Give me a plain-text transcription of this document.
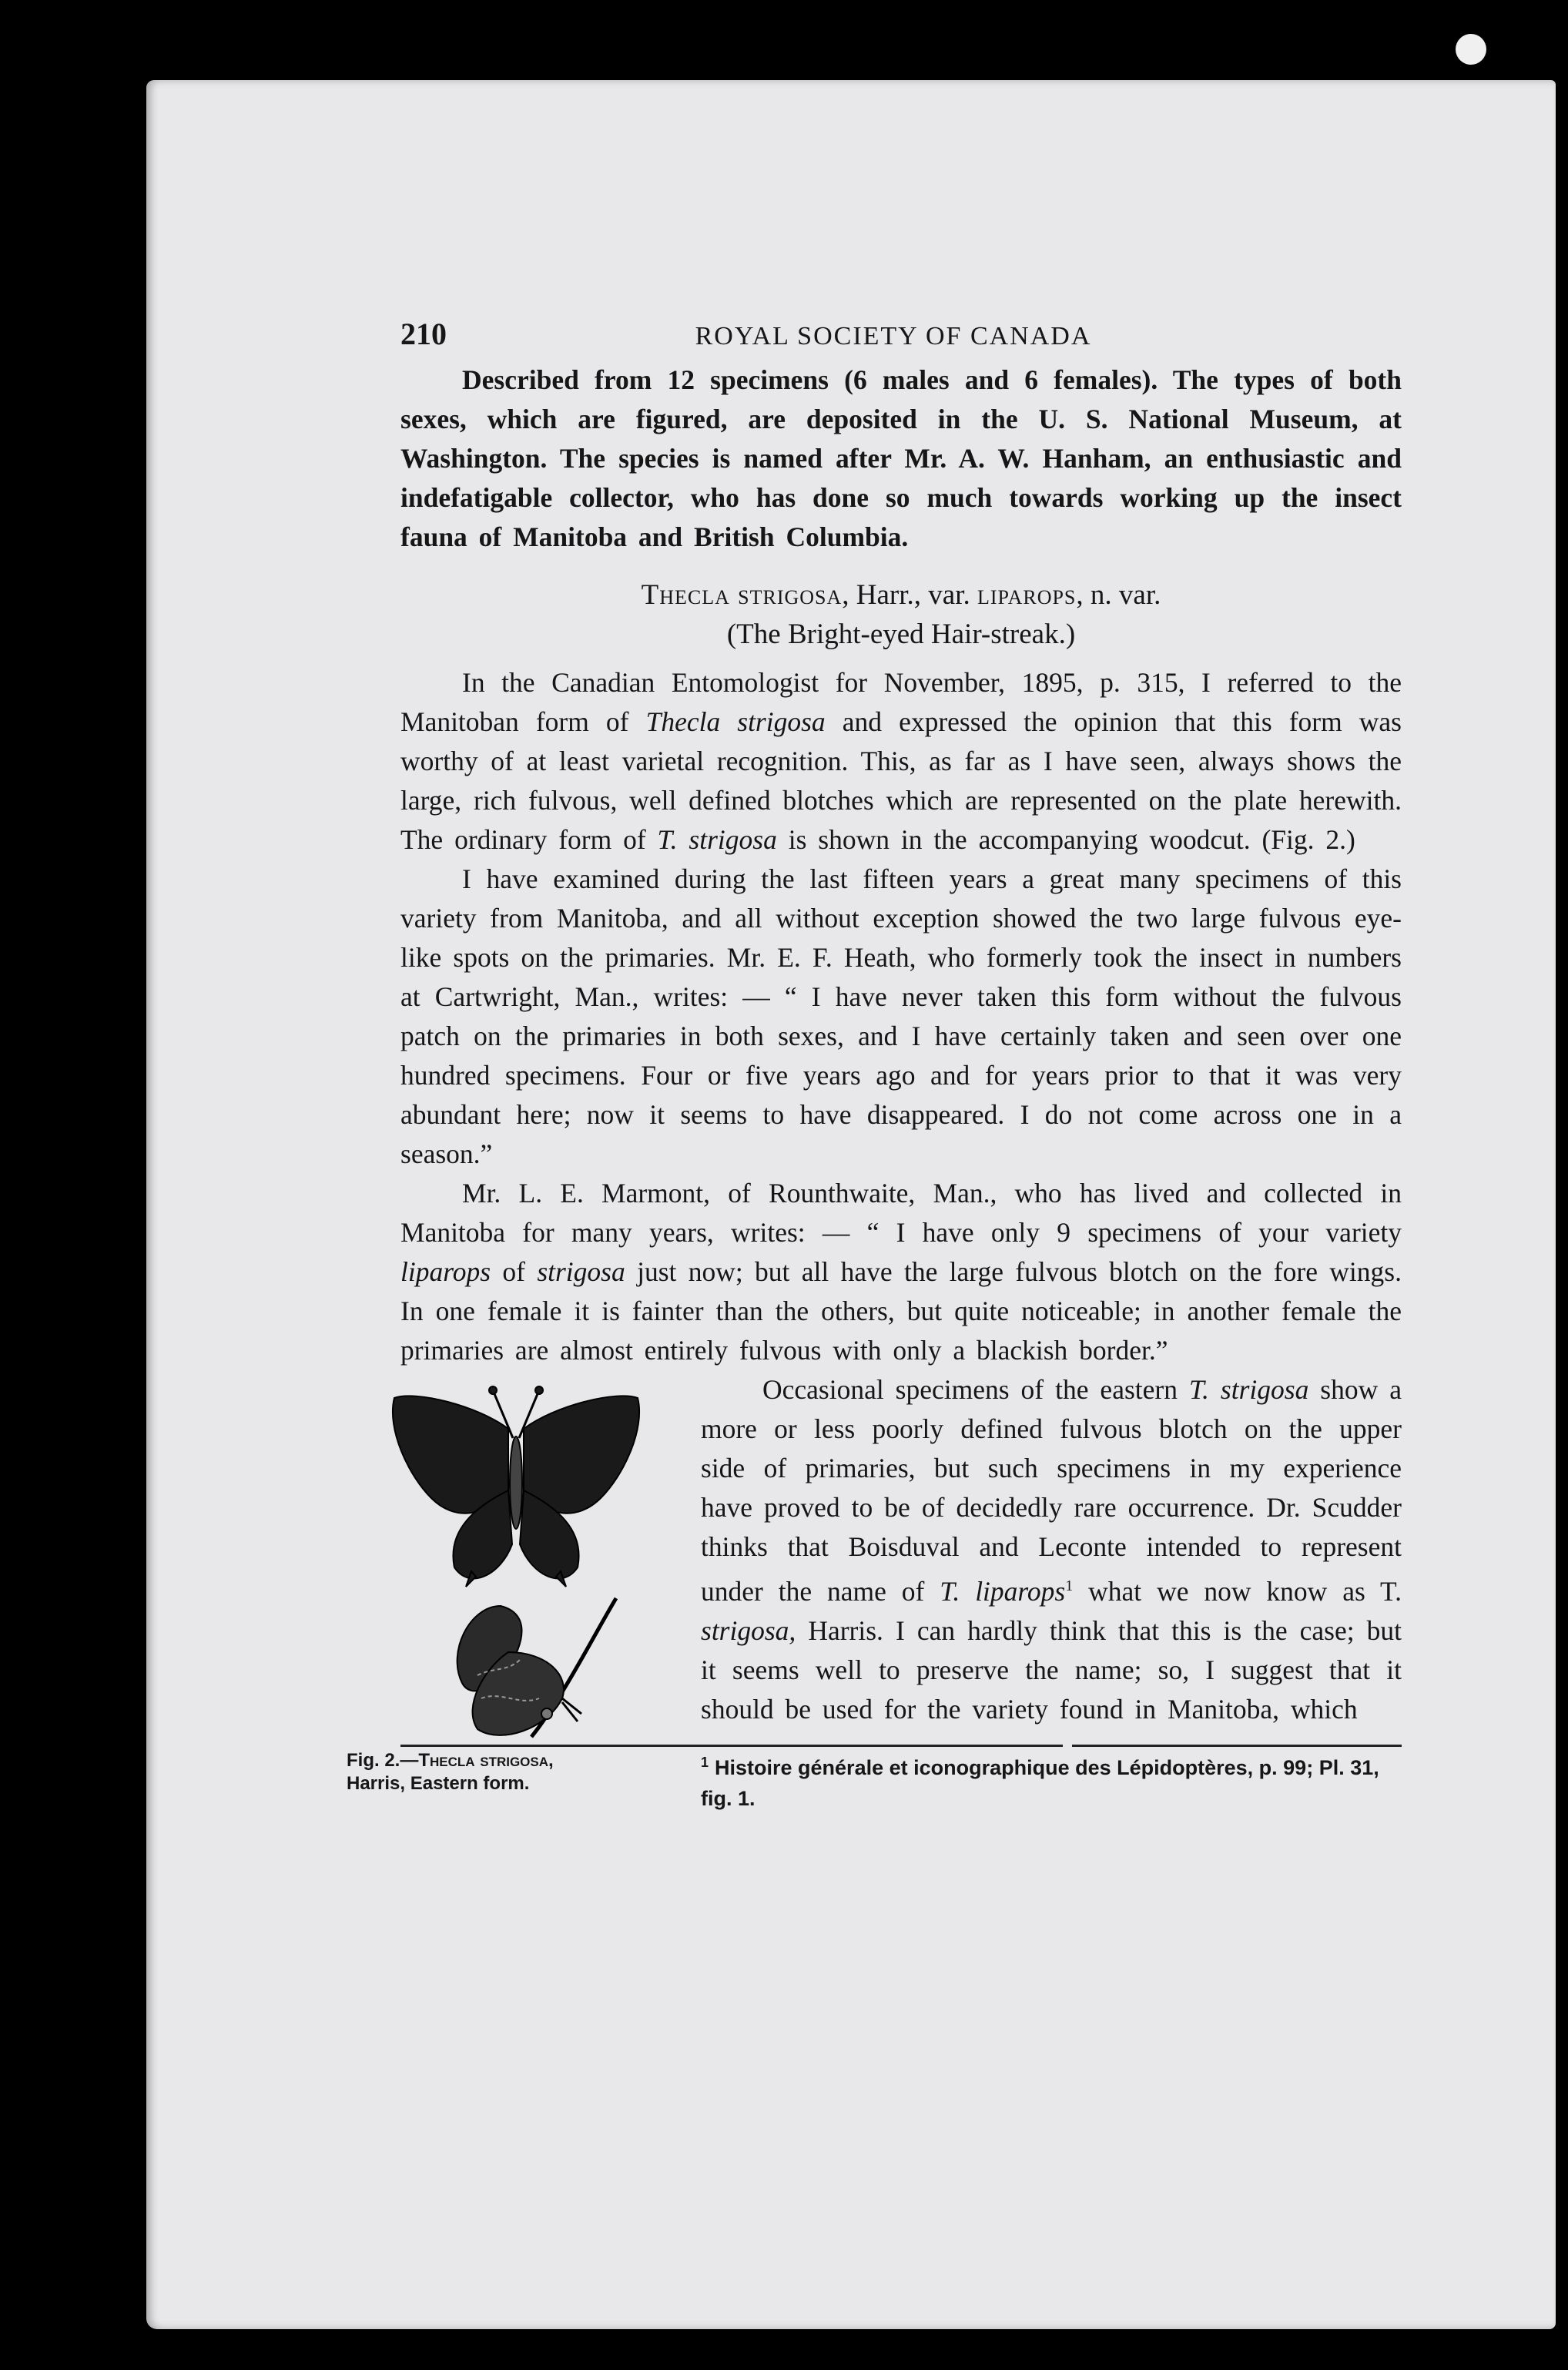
210	ROYAL SOCIETY OF CANADA

Described from 12 specimens (6 males and 6 females). The types of both sexes, which are figured, are deposited in the U. S. National Museum, at Washington. The species is named after Mr. A. W. Hanham, an enthusiastic and indefatigable collector, who has done so much towards working up the insect fauna of Manitoba and British Columbia.

Thecla strigosa, Harr., var. liparops, n. var.
(The Bright-eyed Hair-streak.)

In the Canadian Entomologist for November, 1895, p. 315, I referred to the Manitoban form of Thecla strigosa and expressed the opinion that this form was worthy of at least varietal recognition. This, as far as I have seen, always shows the large, rich fulvous, well defined blotches which are represented on the plate herewith. The ordinary form of T. strigosa is shown in the accompanying woodcut. (Fig. 2.)

I have examined during the last fifteen years a great many specimens of this variety from Manitoba, and all without exception showed the two large fulvous eye-like spots on the primaries. Mr. E. F. Heath, who formerly took the insect in numbers at Cartwright, Man., writes: — “ I have never taken this form without the fulvous patch on the primaries in both sexes, and I have certainly taken and seen over one hundred specimens. Four or five years ago and for years prior to that it was very abundant here; now it seems to have disappeared. I do not come across one in a season.”

Mr. L. E. Marmont, of Rounthwaite, Man., who has lived and collected in Manitoba for many years, writes: — “ I have only 9 specimens of your variety liparops of strigosa just now; but all have the large fulvous blotch on the fore wings. In one female it is fainter than the others, but quite noticeable; in another female the primaries are almost entirely fulvous with only a blackish border.”

Fig. 2.—Thecla strigosa,
Harris, Eastern form.

Occasional specimens of the eastern T. strigosa show a more or less poorly defined fulvous blotch on the upper side of primaries, but such specimens in my experience have proved to be of decidedly rare occurrence. Dr. Scudder thinks that Boisduval and Leconte intended to represent under the name of T. liparops$^1$ what we now know as T. strigosa, Harris. I can hardly think that this is the case; but it seems well to preserve the name; so, I suggest that it should be used for the variety found in Manitoba, which

$^1$ Histoire générale et iconographique des Lépidoptères, p. 99; Pl. 31, fig. 1.
